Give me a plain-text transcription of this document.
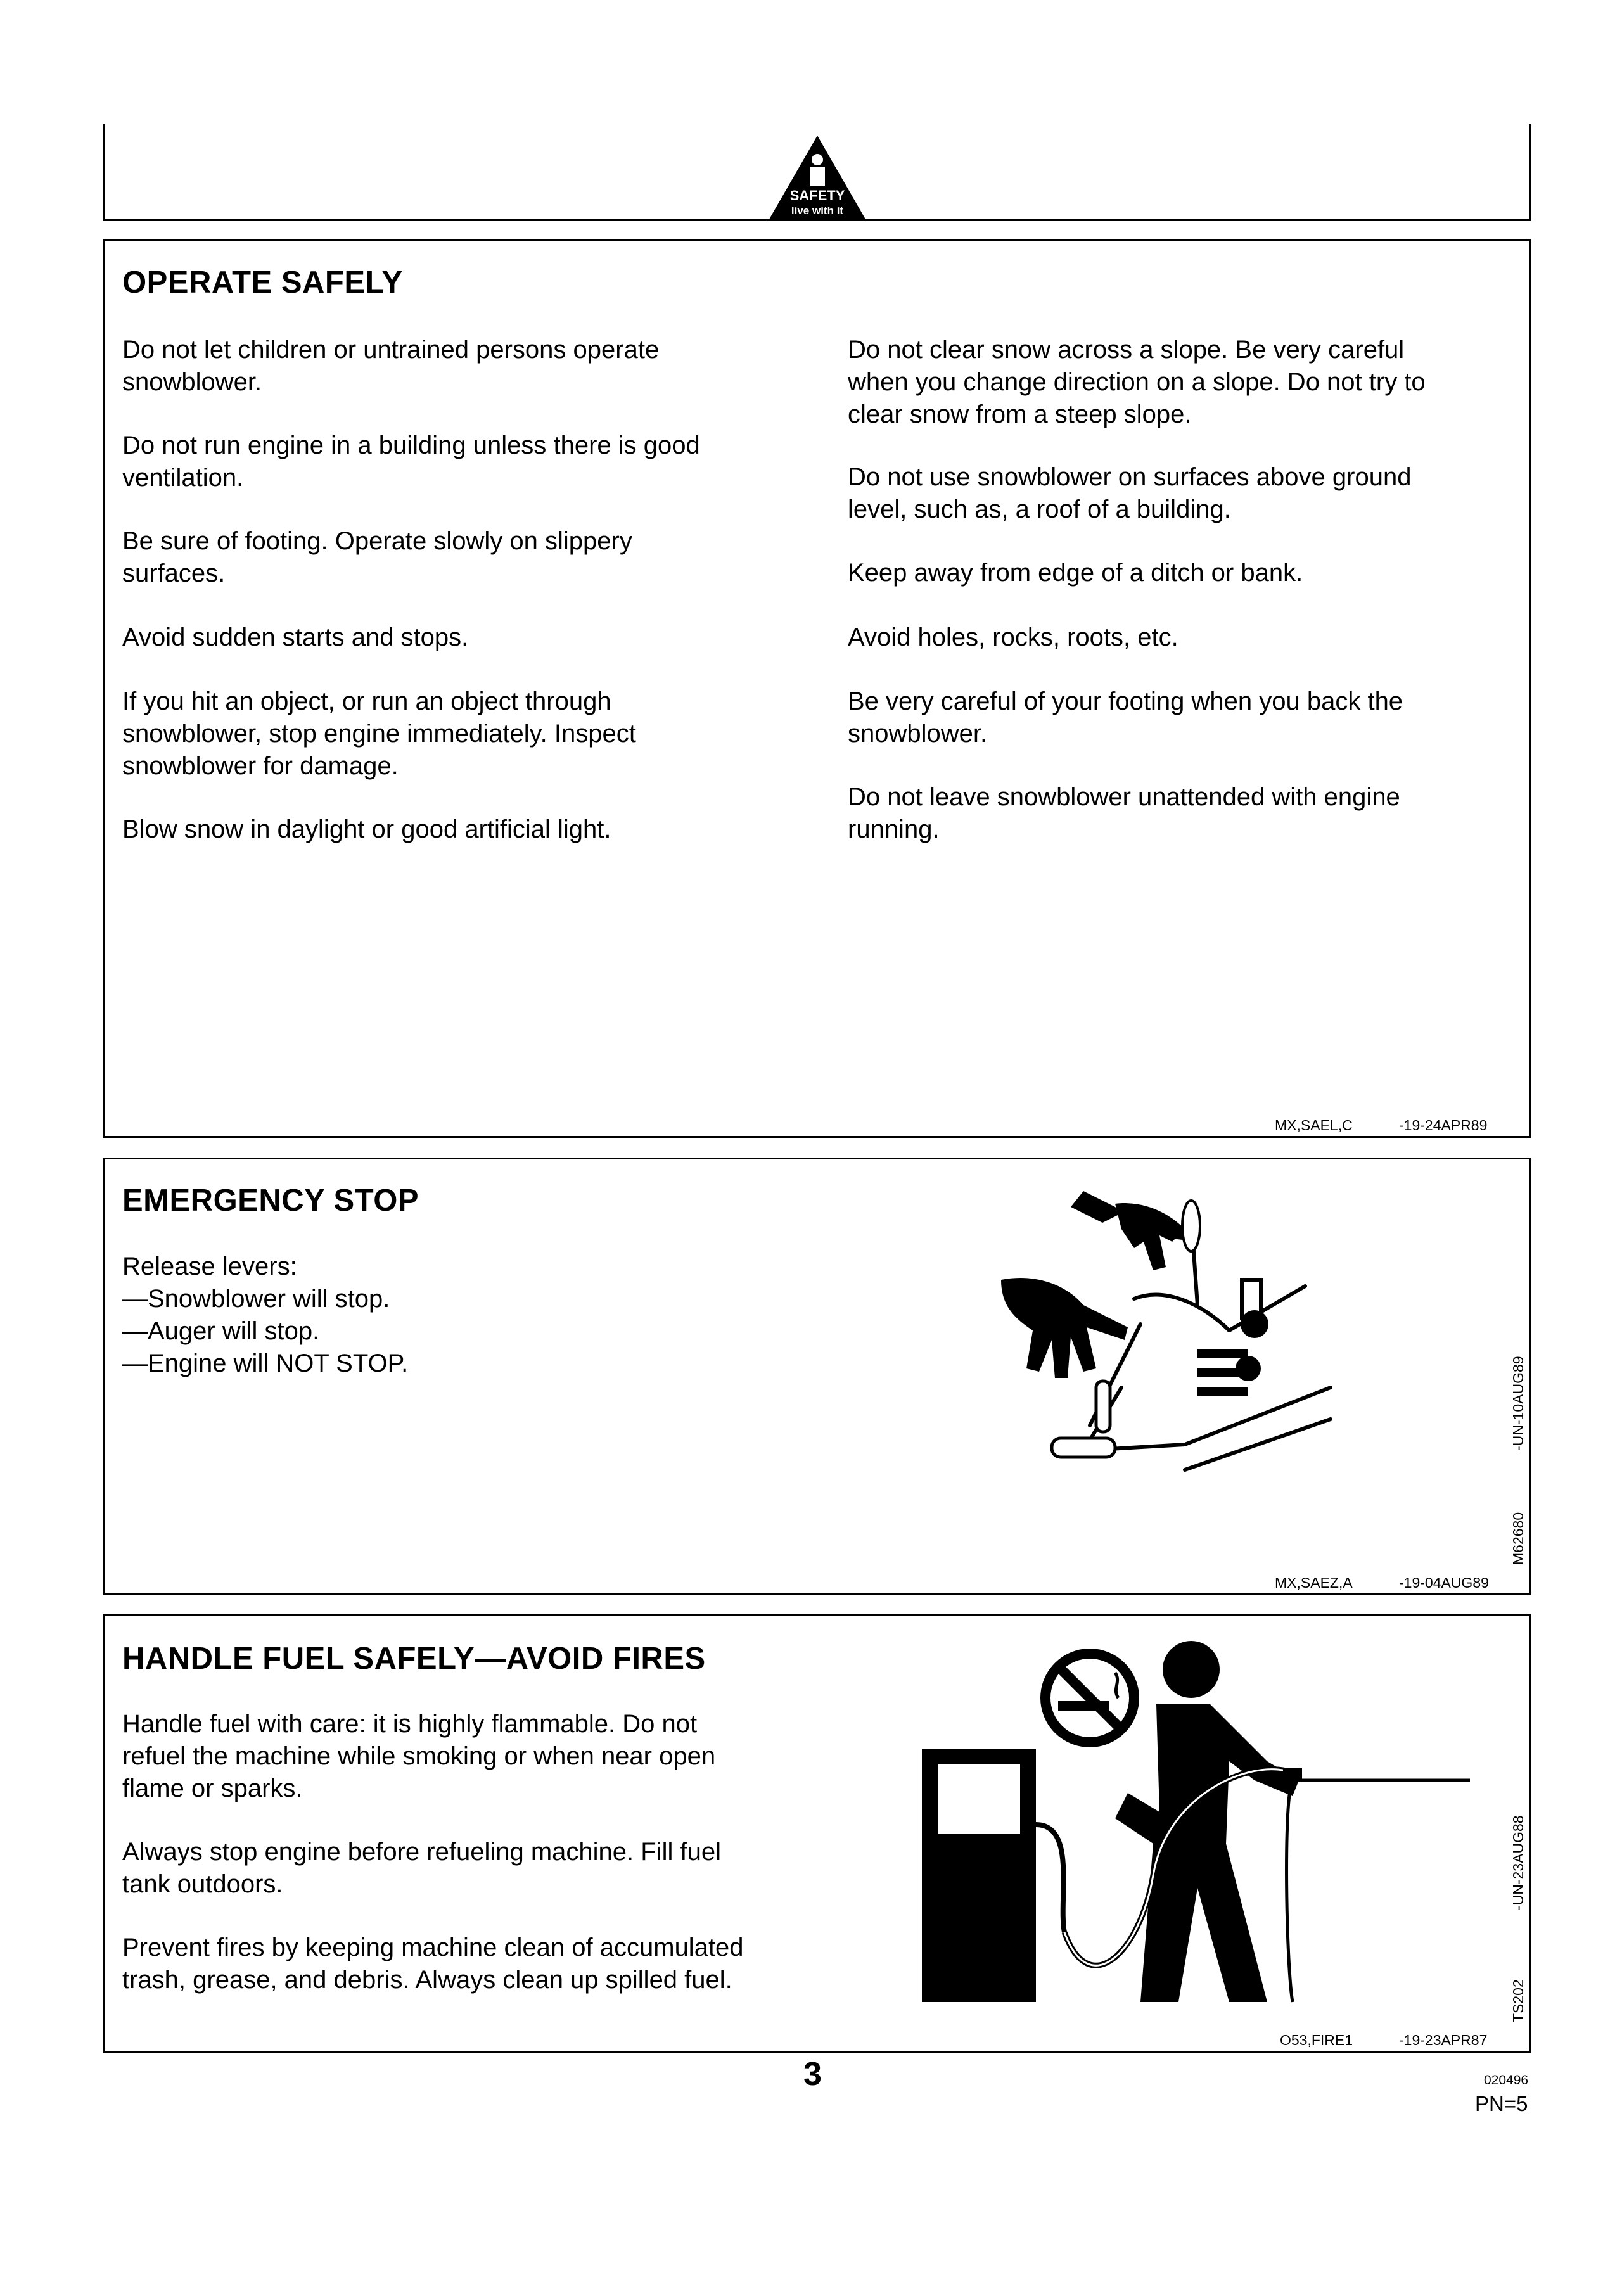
SAFETY
live with it
OPERATE SAFELY

Do not let children or untrained persons operate
snowblower.

Do not run engine in a building unless there is good
ventilation.

Be sure of footing. Operate slowly on slippery
surfaces.

Avoid sudden starts and stops.

If you hit an object, or run an object through
snowblower, stop engine immediately. Inspect
snowblower for damage.

Blow snow in daylight or good artificial light.

Do not clear snow across a slope. Be very careful
when you change direction on a slope. Do not try to
clear snow from a steep slope.

Do not use snowblower on surfaces above ground
level, such as, a roof of a building.

Keep away from edge of a ditch or bank.

Avoid holes, rocks, roots, etc.

Be very careful of your footing when you back the
snowblower.

Do not leave snowblower unattended with engine
running.

MX,SAEL,C	-19-24APR89
EMERGENCY STOP

Release levers:

—Snowblower will stop.

—Auger will stop.

—Engine will NOT STOP.

M62680
-UN-10AUG89
MX,SAEZ,A	-19-04AUG89
HANDLE FUEL SAFELY—AVOID FIRES

Handle fuel with care: it is highly flammable. Do not
refuel the machine while smoking or when near open
flame or sparks.

Always stop engine before refueling machine. Fill fuel
tank outdoors.

Prevent fires by keeping machine clean of accumulated
trash, grease, and debris. Always clean up spilled fuel.	TS202
-UN-23AUG88
O53,FIRE1	-19-23APR87
3	020496
PN=5
